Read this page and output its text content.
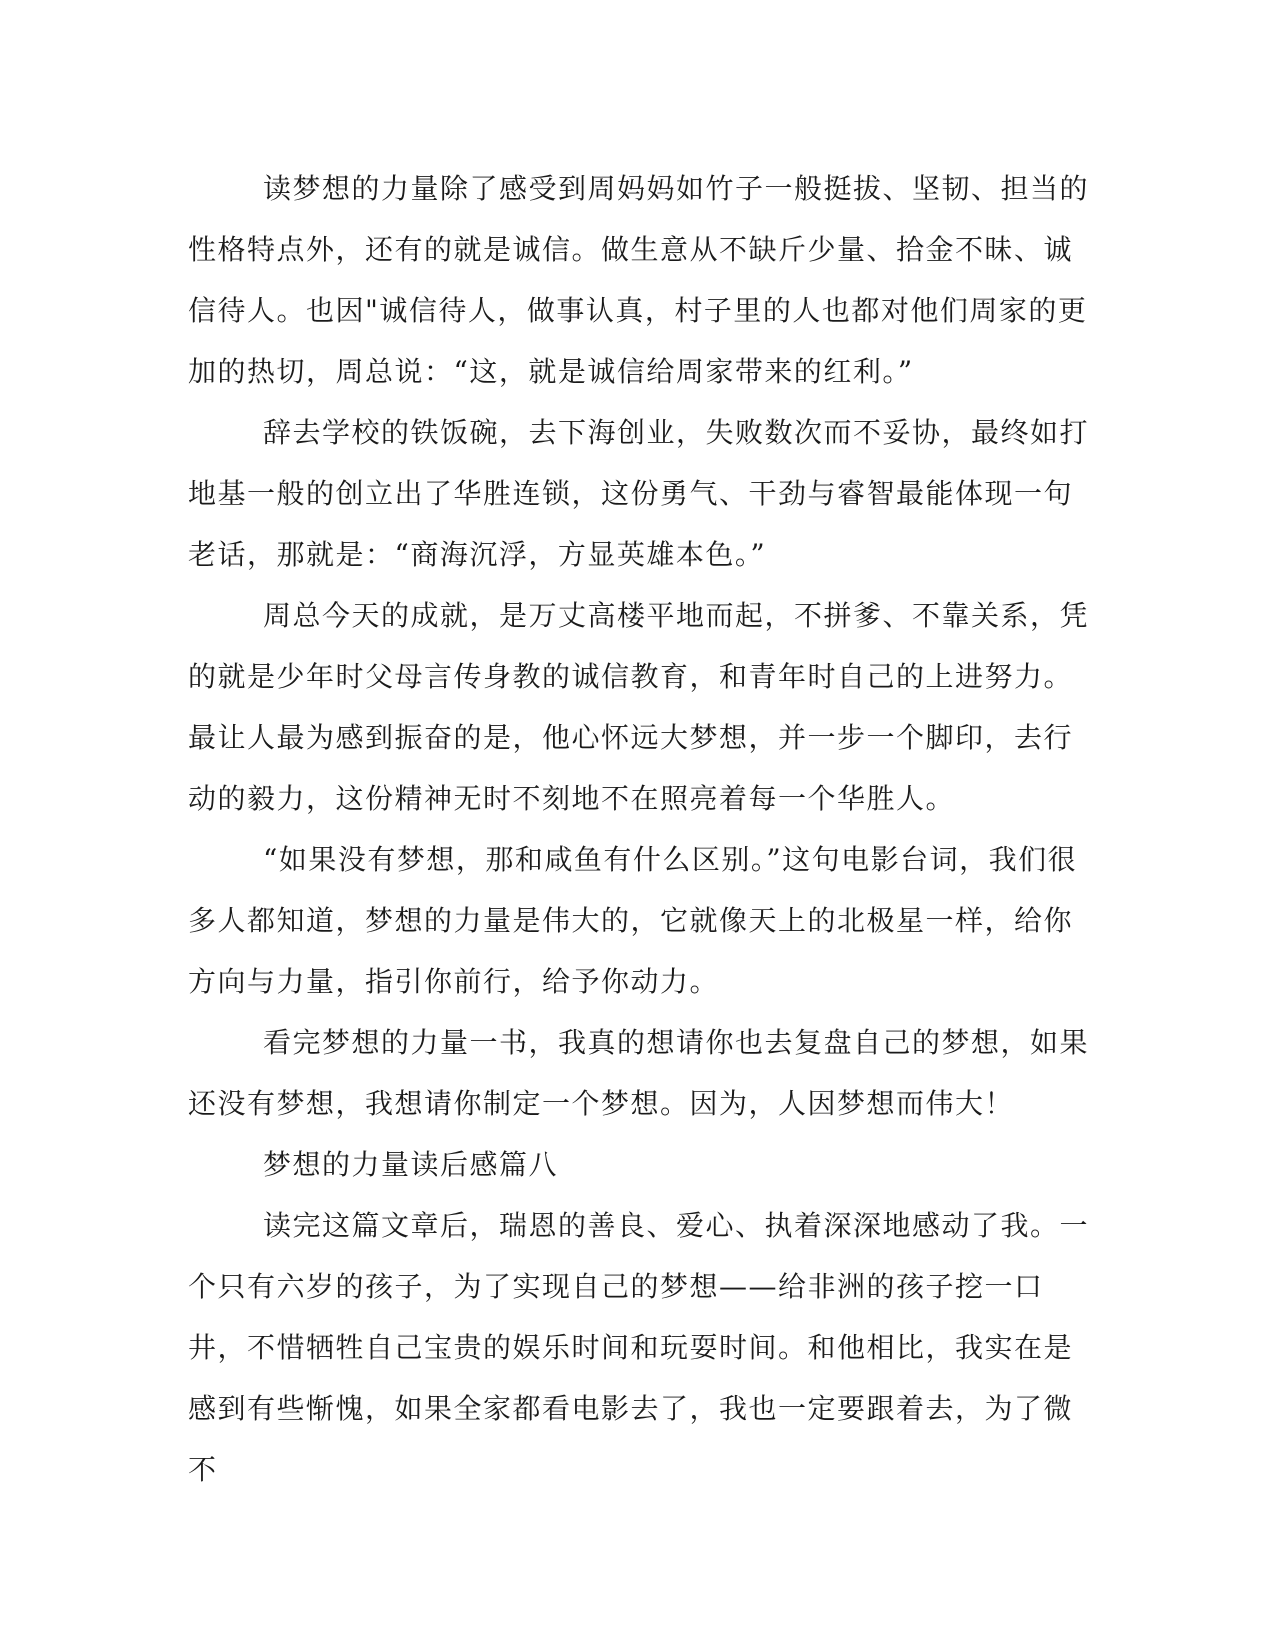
读梦想的力量除了感受到周妈妈如竹子一般挺拔、坚韧、担当的性格特点外，还有的就是诚信。做生意从不缺斤少量、拾金不昧、诚信待人。也因"诚信待人，做事认真，村子里的人也都对他们周家的更加的热切，周总说：“这，就是诚信给周家带来的红利。”

辞去学校的铁饭碗，去下海创业，失败数次而不妥协，最终如打地基一般的创立出了华胜连锁，这份勇气、干劲与睿智最能体现一句老话，那就是：“商海沉浮，方显英雄本色。”

周总今天的成就，是万丈高楼平地而起，不拼爹、不靠关系，凭的就是少年时父母言传身教的诚信教育，和青年时自己的上进努力。最让人最为感到振奋的是，他心怀远大梦想，并一步一个脚印，去行动的毅力，这份精神无时不刻地不在照亮着每一个华胜人。

“如果没有梦想，那和咸鱼有什么区别。”这句电影台词，我们很多人都知道，梦想的力量是伟大的，它就像天上的北极星一样，给你方向与力量，指引你前行，给予你动力。

看完梦想的力量一书，我真的想请你也去复盘自己的梦想，如果还没有梦想，我想请你制定一个梦想。因为，人因梦想而伟大！

梦想的力量读后感篇八

读完这篇文章后，瑞恩的善良、爱心、执着深深地感动了我。一个只有六岁的孩子，为了实现自己的梦想——给非洲的孩子挖一口井，不惜牺牲自己宝贵的娱乐时间和玩耍时间。和他相比，我实在是感到有些惭愧，如果全家都看电影去了，我也一定要跟着去，为了微不
